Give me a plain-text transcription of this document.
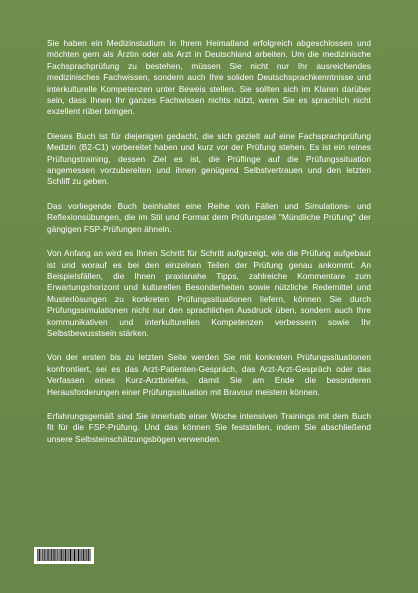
Sie haben ein Medizinstudium in Ihrem Heimatland erfolgreich abgeschlossen und möchten gern als Ärztin oder als Arzt in Deutschland arbeiten. Um die medizinische Fachsprachprüfung zu bestehen, müssen Sie nicht nur Ihr ausreichendes medizinisches Fachwissen, sondern auch Ihre soliden Deutschsprachkenntnisse und interkulturelle Kompetenzen unter Beweis stellen. Sie sollten sich im Klaren darüber sein, dass Ihnen Ihr ganzes Fachwissen nichts nützt, wenn Sie es sprachlich nicht exzellent rüber bringen.

Dieses Buch ist für diejenigen gedacht, die sich gezielt auf eine Fachsprachprüfung Medizin (B2-C1) vorbereitet haben und kurz vor der Prüfung stehen. Es ist ein reines Prüfungstraining, dessen Ziel es ist, die Prüflinge auf die Prüfungssituation angemessen vorzubereiten und ihnen genügend Selbstvertrauen und den letzten Schliff zu geben.

Das vorliegende Buch beinhaltet eine Reihe von Fällen und Simulations- und Reflexionsübungen, die im Stil und Format dem Prüfungsteil "Mündliche Prüfung" der gängigen FSP-Prüfungen ähneln.

Von Anfang an wird es Ihnen Schritt für Schritt aufgezeigt, wie die Prüfung aufgebaut ist und worauf es bei den einzelnen Teilen der Prüfung genau ankommt. An Beispielsfällen, die Ihnen praxisnahe Tipps, zahlreiche Kommentare zum Erwartungshorizont und kulturellen Besonderheiten sowie nützliche Redemittel und Musterlösungen zu konkreten Prüfungssituationen liefern, können Sie durch Prüfungssimulationen nicht nur den sprachlichen Ausdruck üben, sondern auch Ihre kommunikativen und interkulturellen Kompetenzen verbessern sowie Ihr Selbstbewusstsein stärken.

Von der ersten bis zu letzten Seite werden Sie mit konkreten Prüfungssituationen konfrontiert, sei es das Arzt-Patienten-Gespräch, das Arzt-Arzt-Gespräch oder das Verfassen eines Kurz-Arztbriefes, damit Sie am Ende die besonderen Herausforderungen einer Prüfungssituation mit Bravour meistern können.

Erfahrungsgemäß sind Sie innerhalb einer Woche intensiven Trainings mit dem Buch fit für die FSP-Prüfung. Und das können Sie feststellen, indem Sie abschließend unsere Selbsteinschätzungsbögen verwenden.
